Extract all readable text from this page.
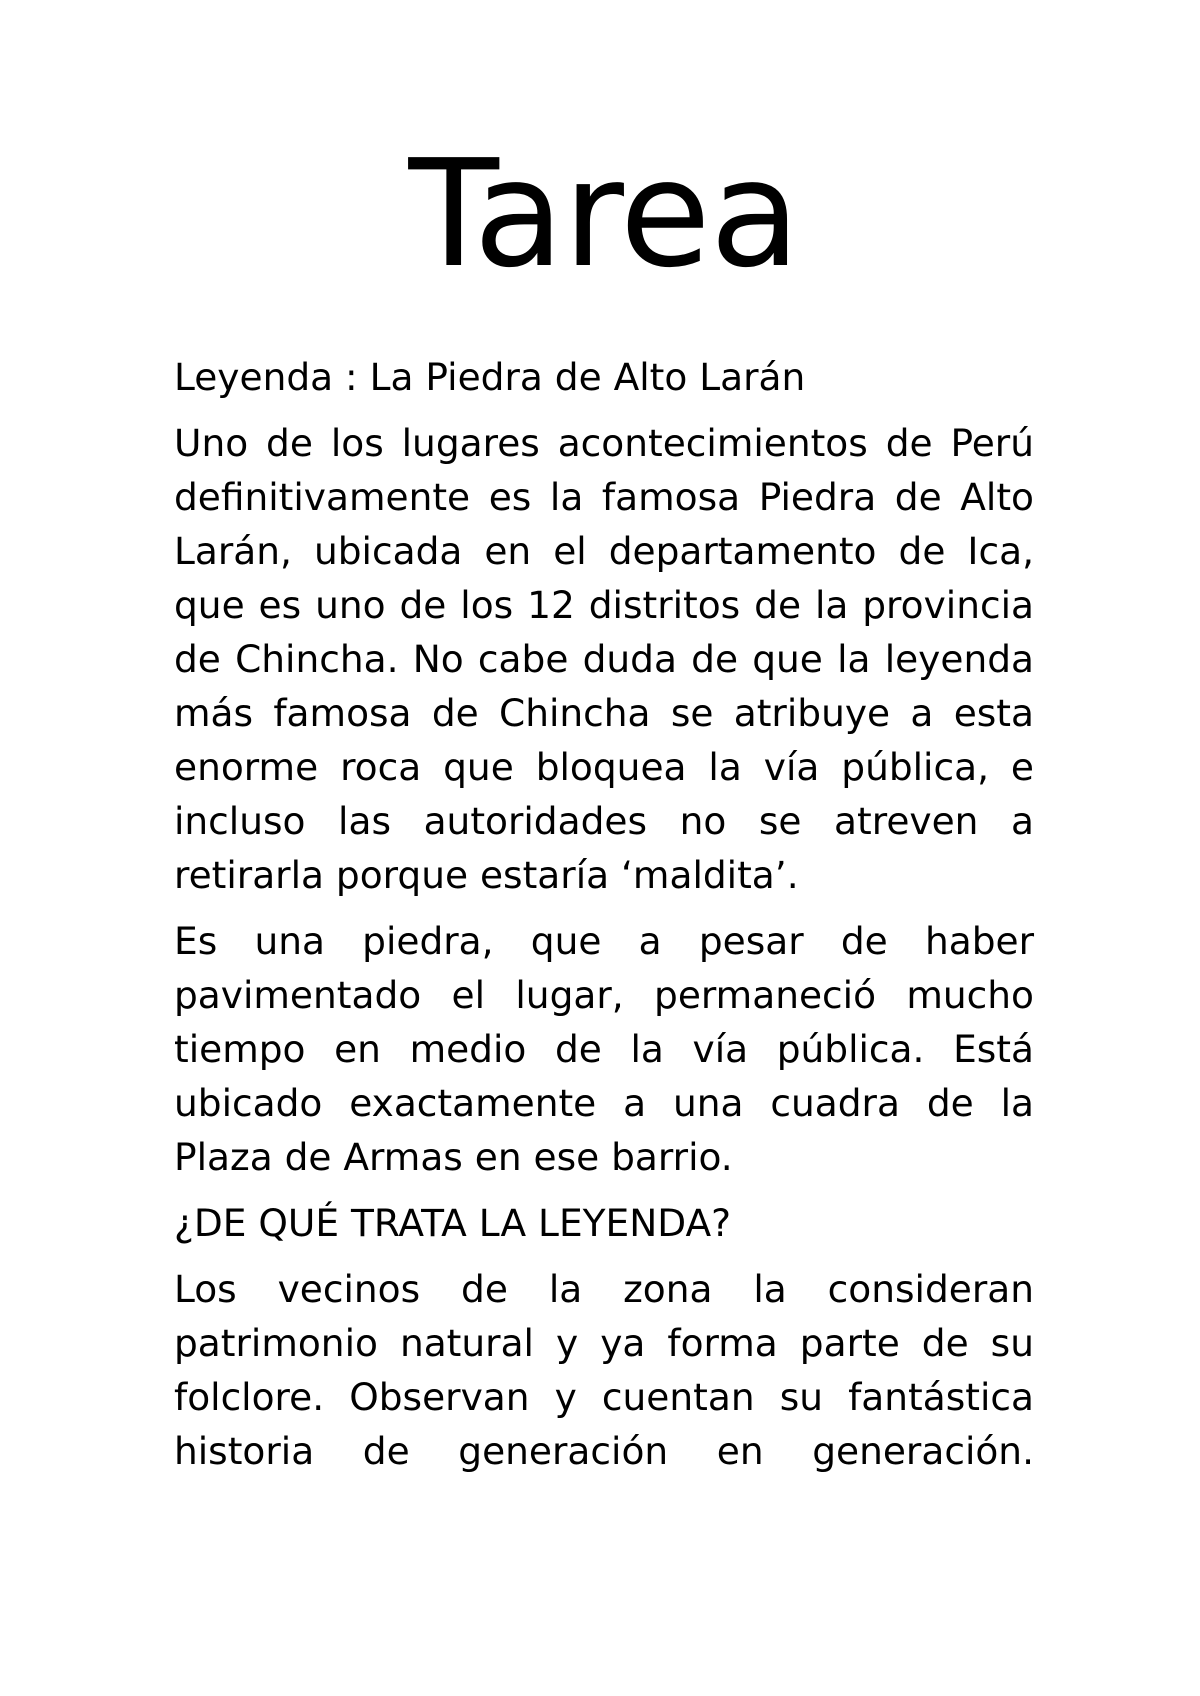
Tarea

Leyenda : La Piedra de Alto Larán

Uno de los lugares acontecimientos de Perú definitivamente es la famosa Piedra de Alto Larán, ubicada en el departamento de Ica, que es uno de los 12 distritos de la provincia de Chincha. No cabe duda de que la leyenda más famosa de Chincha se atribuye a esta enorme roca que bloquea la vía pública, e incluso las autoridades no se atreven a retirarla porque estaría ‘maldita’.

Es una piedra, que a pesar de haber pavimentado el lugar, permaneció mucho tiempo en medio de la vía pública. Está ubicado exactamente a una cuadra de la Plaza de Armas en ese barrio.

¿DE QUÉ TRATA LA LEYENDA?

Los vecinos de la zona la consideran patrimonio natural y ya forma parte de su folclore. Observan y cuentan su fantástica historia de generación en generación.
